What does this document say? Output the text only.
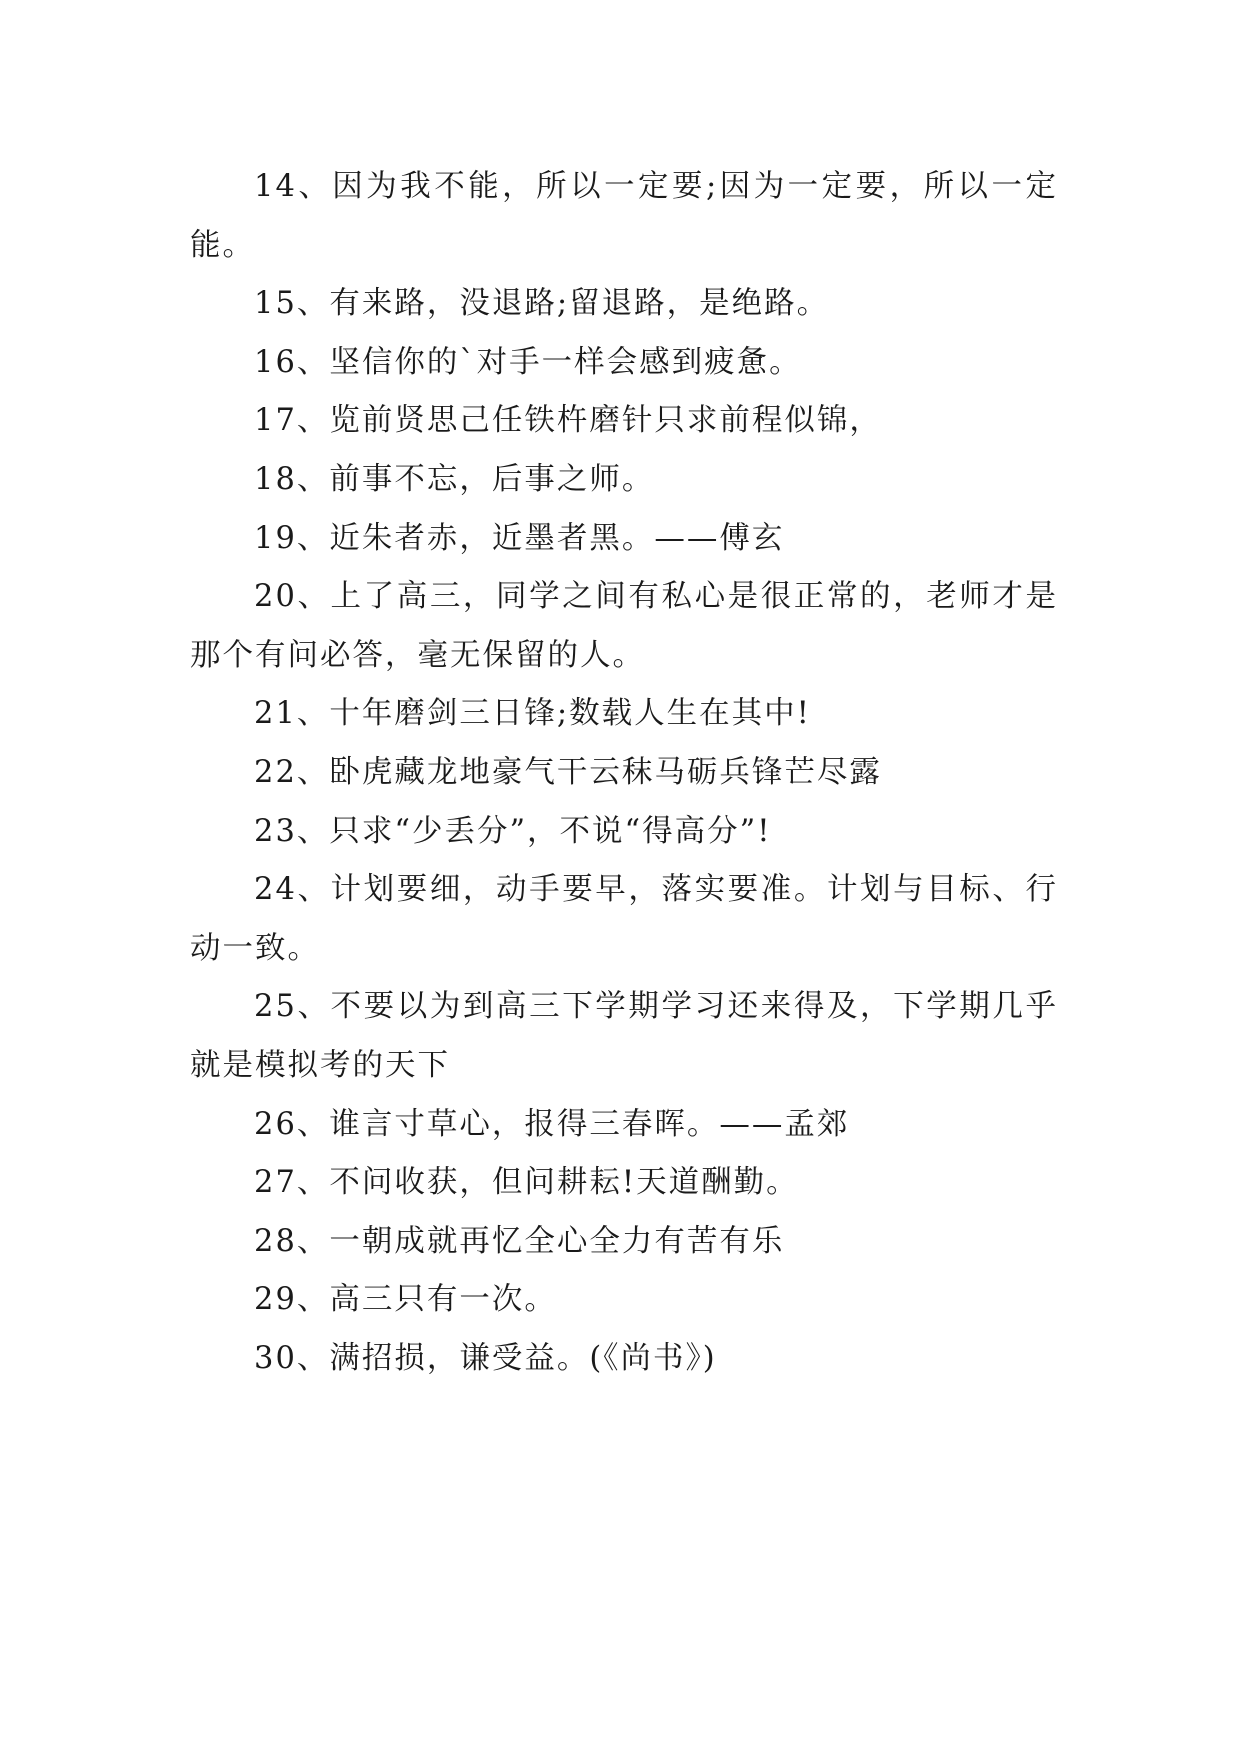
14、因为我不能，所以一定要;因为一定要，所以一定能。

15、有来路，没退路;留退路，是绝路。

16、坚信你的`对手一样会感到疲惫。

17、览前贤思己任铁杵磨针只求前程似锦，

18、前事不忘，后事之师。

19、近朱者赤，近墨者黑。——傅玄

20、上了高三，同学之间有私心是很正常的，老师才是那个有问必答，毫无保留的人。

21、十年磨剑三日锋;数载人生在其中!

22、卧虎藏龙地豪气干云秣马砺兵锋芒尽露

23、只求“少丢分”，不说“得高分”!

24、计划要细，动手要早，落实要准。计划与目标、行动一致。

25、不要以为到高三下学期学习还来得及，下学期几乎就是模拟考的天下

26、谁言寸草心，报得三春晖。——孟郊

27、不问收获，但问耕耘!天道酬勤。

28、一朝成就再忆全心全力有苦有乐

29、高三只有一次。

30、满招损，谦受益。(《尚书》)
